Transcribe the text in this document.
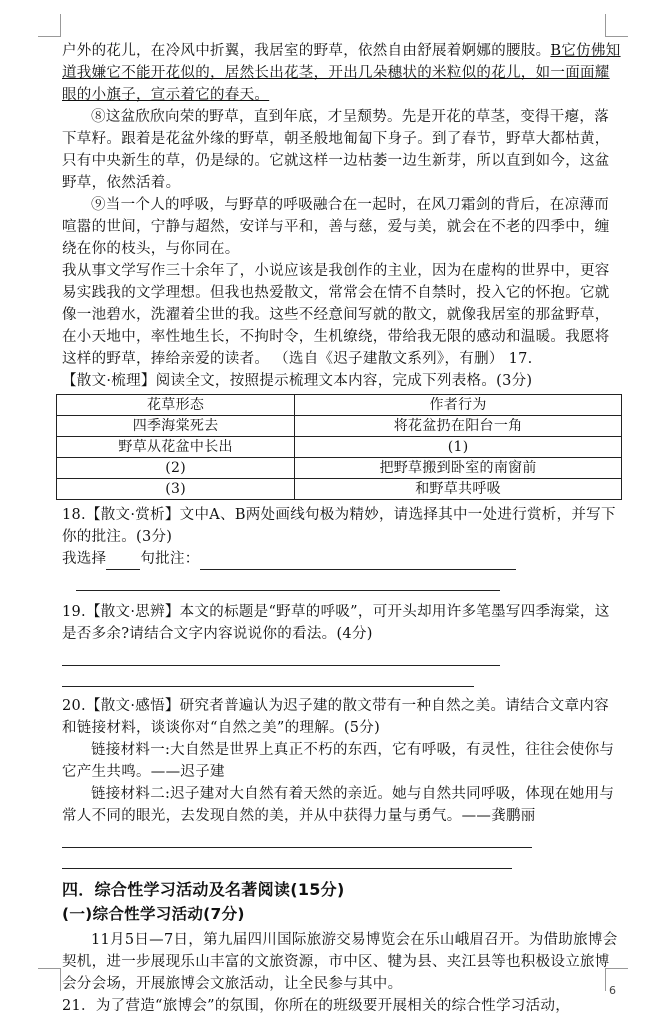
户外的花儿，在冷风中折翼，我居室的野草，依然自由舒展着婀娜的腰肢。B它仿佛知道我嫌它不能开花似的，居然长出花茎，开出几朵穗状的米粒似的花儿，如一面面耀眼的小旗子，宣示着它的春天。

⑧这盆欣欣向荣的野草，直到年底，才呈颓势。先是开花的草茎，变得干瘪，落下草籽。跟着是花盆外缘的野草，朝圣般地匍匐下身子。到了春节，野草大都枯黄，只有中央新生的草，仍是绿的。它就这样一边枯萎一边生新芽，所以直到如今，这盆野草，依然活着。

⑨当一个人的呼吸，与野草的呼吸融合在一起时，在风刀霜剑的背后，在凉薄而喧嚣的世间，宁静与超然，安详与平和，善与慈，爱与美，就会在不老的四季中，缠绕在你的枝头，与你同在。

我从事文学写作三十余年了，小说应该是我创作的主业，因为在虚构的世界中，更容易实践我的文学理想。但我也热爱散文，常常会在情不自禁时，投入它的怀抱。它就像一池碧水，洗濯着尘世的我。这些不经意间写就的散文，就像我居室的那盆野草，在小天地中，率性地生长，不拘时令，生机缭绕，带给我无限的感动和温暖。我愿将这样的野草，捧给亲爱的读者。 （选自《迟子建散文系列》，有删） 17.【散文·梳理】阅读全文，按照提示梳理文本内容，完成下列表格。(3分)

花草形态	作者行为
四季海棠死去	将花盆扔在阳台一角
野草从花盆中长出	(1)
(2)	把野草搬到卧室的南窗前
(3)	和野草共呼吸

18.【散文·赏析】文中A、B两处画线句极为精妙，请选择其中一处进行赏析，并写下你的批注。(3分)

我选择 句批注：

19.【散文·思辨】本文的标题是“野草的呼吸”，可开头却用许多笔墨写四季海棠，这是否多余?请结合文字内容说说你的看法。(4分)

20.【散文·感悟】研究者普遍认为迟子建的散文带有一种自然之美。请结合文章内容和链接材料，谈谈你对“自然之美”的理解。(5分)

链接材料一:大自然是世界上真正不朽的东西，它有呼吸，有灵性，往往会使你与它产生共鸣。——迟子建

链接材料二:迟子建对大自然有着天然的亲近。她与自然共同呼吸，体现在她用与常人不同的眼光，去发现自然的美，并从中获得力量与勇气。——龚鹏丽

四．综合性学习活动及名著阅读(15分)
(一)综合性学习活动(7分)

11月5日—7日，第九届四川国际旅游交易博览会在乐山峨眉召开。为借助旅博会契机，进一步展现乐山丰富的文旅资源，市中区、犍为县、夹江县等也积极设立旅博会分会场，开展旅博会文旅活动，让全民参与其中。

21．为了营造“旅博会”的氛围，你所在的班级要开展相关的综合性学习活动，

6
